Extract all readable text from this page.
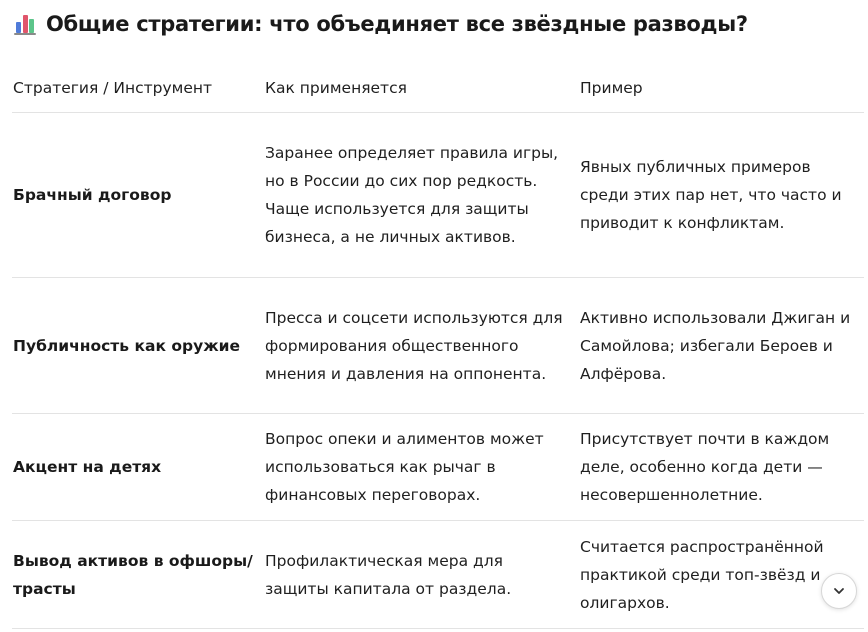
Общие стратегии: что объединяет все звёздные разводы?
Стратегия / Инструмент	Как применяется	Пример
Брачный договор	Заранее определяет правила игры, но в России до сих пор редкость. Чаще используется для защиты бизнеса, а не личных активов.	Явных публичных примеров среди этих пар нет, что часто и приводит к конфликтам.
Публичность как оружие	Пресса и соцсети используются для формирования общественного мнения и давления на оппонента.	Активно использовали Джиган и Самойлова; избегали Бероев и Алфёрова.
Акцент на детях	Вопрос опеки и алиментов может использоваться как рычаг в финансовых переговорах.	Присутствует почти в каждом деле, особенно когда дети — несовершеннолетние.
Вывод активов в офшоры/трасты	Профилактическая мера для защиты капитала от раздела.	Считается распространённой практикой среди топ-звёзд и олигархов.
